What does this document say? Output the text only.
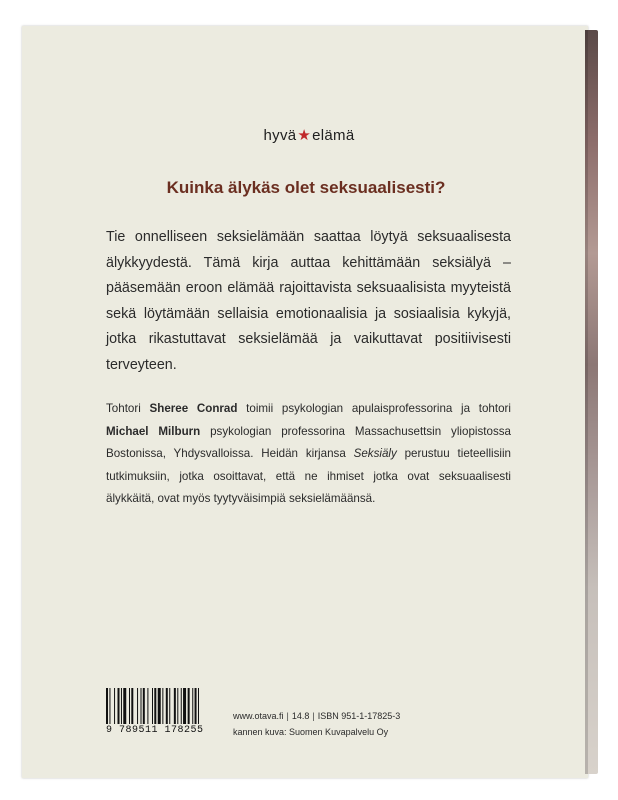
hyvä★elämä
Kuinka älykäs olet seksuaalisesti?

Tie onnelliseen seksielämään saattaa löytyä seksuaalisesta älykkyydestä. Tämä kirja auttaa kehittämään seksiälyä – pääsemään eroon elämää rajoittavista seksuaalisista myyteistä sekä löytämään sellaisia emotionaalisia ja sosiaalisia kykyjä, jotka rikastuttavat seksielämää ja vaikuttavat positiivisesti terveyteen.

Tohtori Sheree Conrad toimii psykologian apulaisprofessorina ja tohtori Michael Milburn psykologian professorina Massachusettsin yliopistossa Bostonissa, Yhdysvalloissa. Heidän kirjansa Seksiäly perustuu tieteellisiin tutkimuksiin, jotka osoittavat, että ne ihmiset jotka ovat seksuaalisesti älykkäitä, ovat myös tyytyväisimpiä seksielämäänsä.

9 789511 178255
www.otava.fi | 14.8 | ISBN 951-1-17825-3
kannen kuva: Suomen Kuvapalvelu Oy
